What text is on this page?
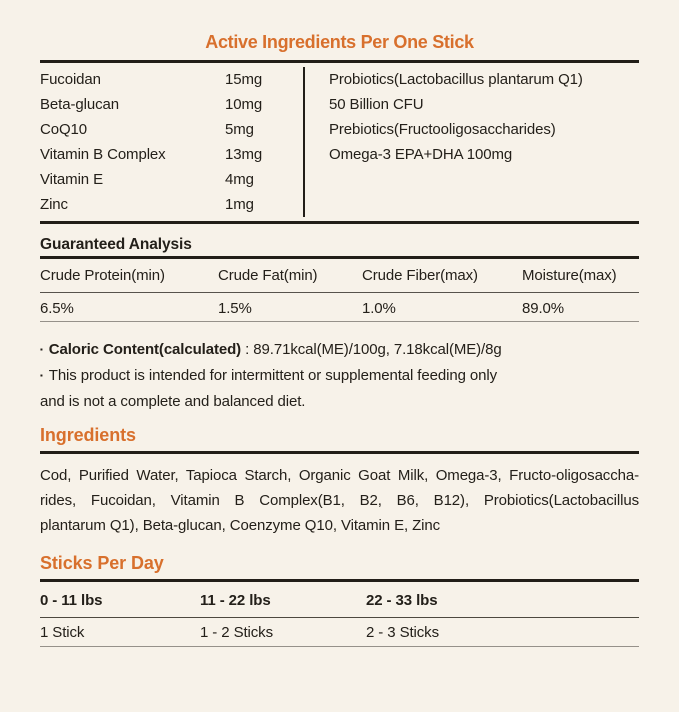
Active Ingredients Per One Stick
Fucoidan	15mg
Beta-glucan	10mg
CoQ10	5mg
Vitamin B Complex	13mg
Vitamin E	4mg
Zinc	1mg
Probiotics(Lactobacillus plantarum Q1)
50 Billion CFU
Prebiotics(Fructooligosaccharides)
Omega-3 EPA+DHA 100mg
Guaranteed Analysis
Crude Protein(min)	Crude Fat(min)	Crude Fiber(max)	Moisture(max)
6.5%	1.5%	1.0%	89.0%
▪ Caloric Content(calculated) : 89.71kcal(ME)/100g, 7.18kcal(ME)/8g
▪ This product is intended for intermittent or supplemental feeding only
and is not a complete and balanced diet.
Ingredients
Cod, Purified Water, Tapioca Starch, Organic Goat Milk, Omega-3, Fructo-oligosaccha-
rides, Fucoidan, Vitamin B Complex(B1, B2, B6, B12), Probiotics(Lactobacillus
plantarum Q1), Beta-glucan, Coenzyme Q10, Vitamin E, Zinc
Sticks Per Day
0 - 11 lbs	11 - 22 lbs	22 - 33 lbs
1 Stick	1 - 2 Sticks	2 - 3 Sticks
